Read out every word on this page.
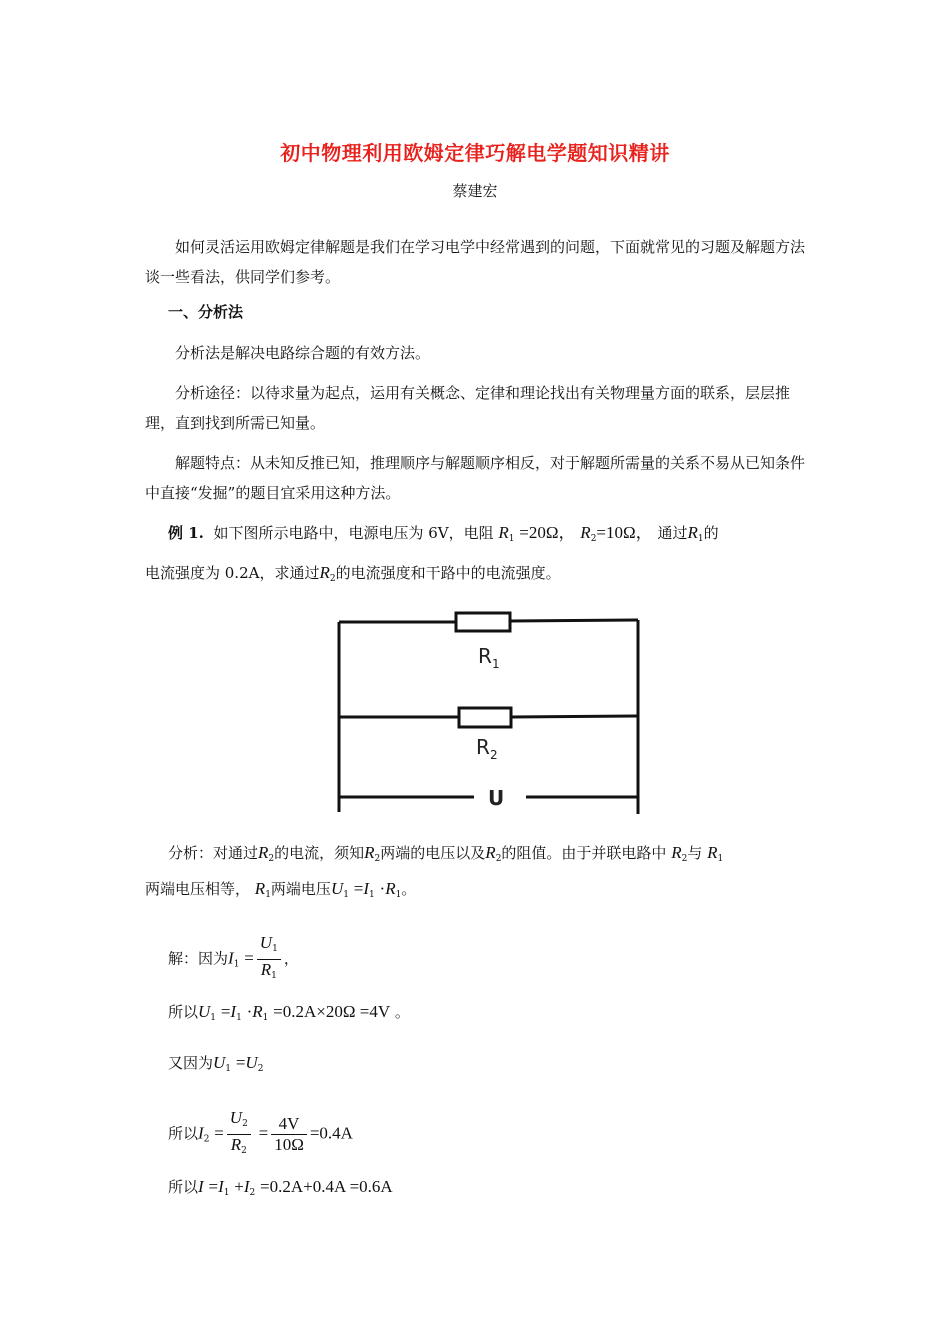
初中物理利用欧姆定律巧解电学题知识精讲
蔡建宏

如何灵活运用欧姆定律解题是我们在学习电学中经常遇到的问题，下面就常见的习题及解题方法谈一些看法，供同学们参考。

一、分析法

分析法是解决电路综合题的有效方法。

分析途径：以待求量为起点，运用有关概念、定律和理论找出有关物理量方面的联系，层层推理，直到找到所需已知量。

解题特点：从未知反推已知，推理顺序与解题顺序相反，对于解题所需量的关系不易从已知条件中直接“发掘”的题目宜采用这种方法。

例 1. 如下图所示电路中，电源电压为 6V，电阻 $R_1 =20\Omega$， $R_2=10\Omega$， 通过$R_1$的
电流强度为 0.2A，求通过$R_2$的电流强度和干路中的电流强度。
R 1
R 2
U
分析：对通过$R_2$的电流，须知$R_2$两端的电压以及$R_2$的阻值。由于并联电路中 $R_2$与 $R_1$
两端电压相等， $R_1$两端电压$U_1 =I_1 \cdot R_1$。
解：因为$I_1 = \frac{U_1}{R_1}$ ，
所以$U_1 =I_1 \cdot R_1 =0.2A\times 20\Omega =4V$ 。
又因为$U_1 =U_2$
所以$I_2 = \frac{U_2}{R_2} = \frac{4V}{10\Omega} =0.4A$
所以$I =I_1 +I_2 =0.2A+0.4A =0.6A$
